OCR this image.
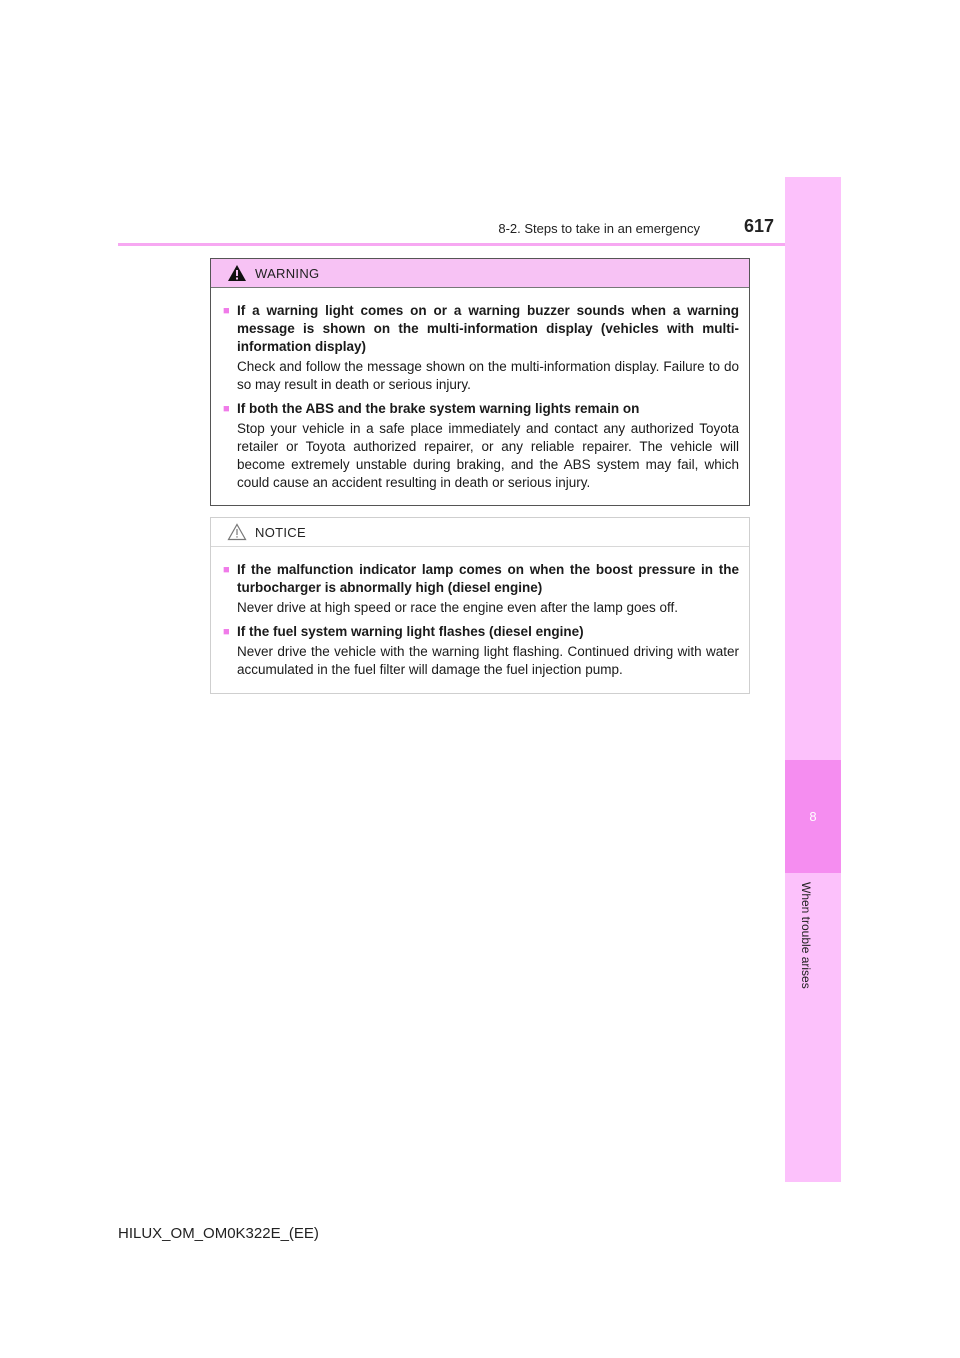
8-2. Steps to take in an emergency	617
8
When trouble arises
WARNING
■ If a warning light comes on or a warning buzzer sounds when a warning message is shown on the multi-information display (vehicles with multi-information display)
Check and follow the message shown on the multi-information display. Failure to do so may result in death or serious injury.
■ If both the ABS and the brake system warning lights remain on
Stop your vehicle in a safe place immediately and contact any authorized Toyota retailer or Toyota authorized repairer, or any reliable repairer. The vehicle will become extremely unstable during braking, and the ABS system may fail, which could cause an accident resulting in death or serious injury.
NOTICE
■ If the malfunction indicator lamp comes on when the boost pressure in the turbocharger is abnormally high (diesel engine)
Never drive at high speed or race the engine even after the lamp goes off.
■ If the fuel system warning light flashes (diesel engine)
Never drive the vehicle with the warning light flashing. Continued driving with water accumulated in the fuel filter will damage the fuel injection pump.
HILUX_OM_OM0K322E_(EE)
